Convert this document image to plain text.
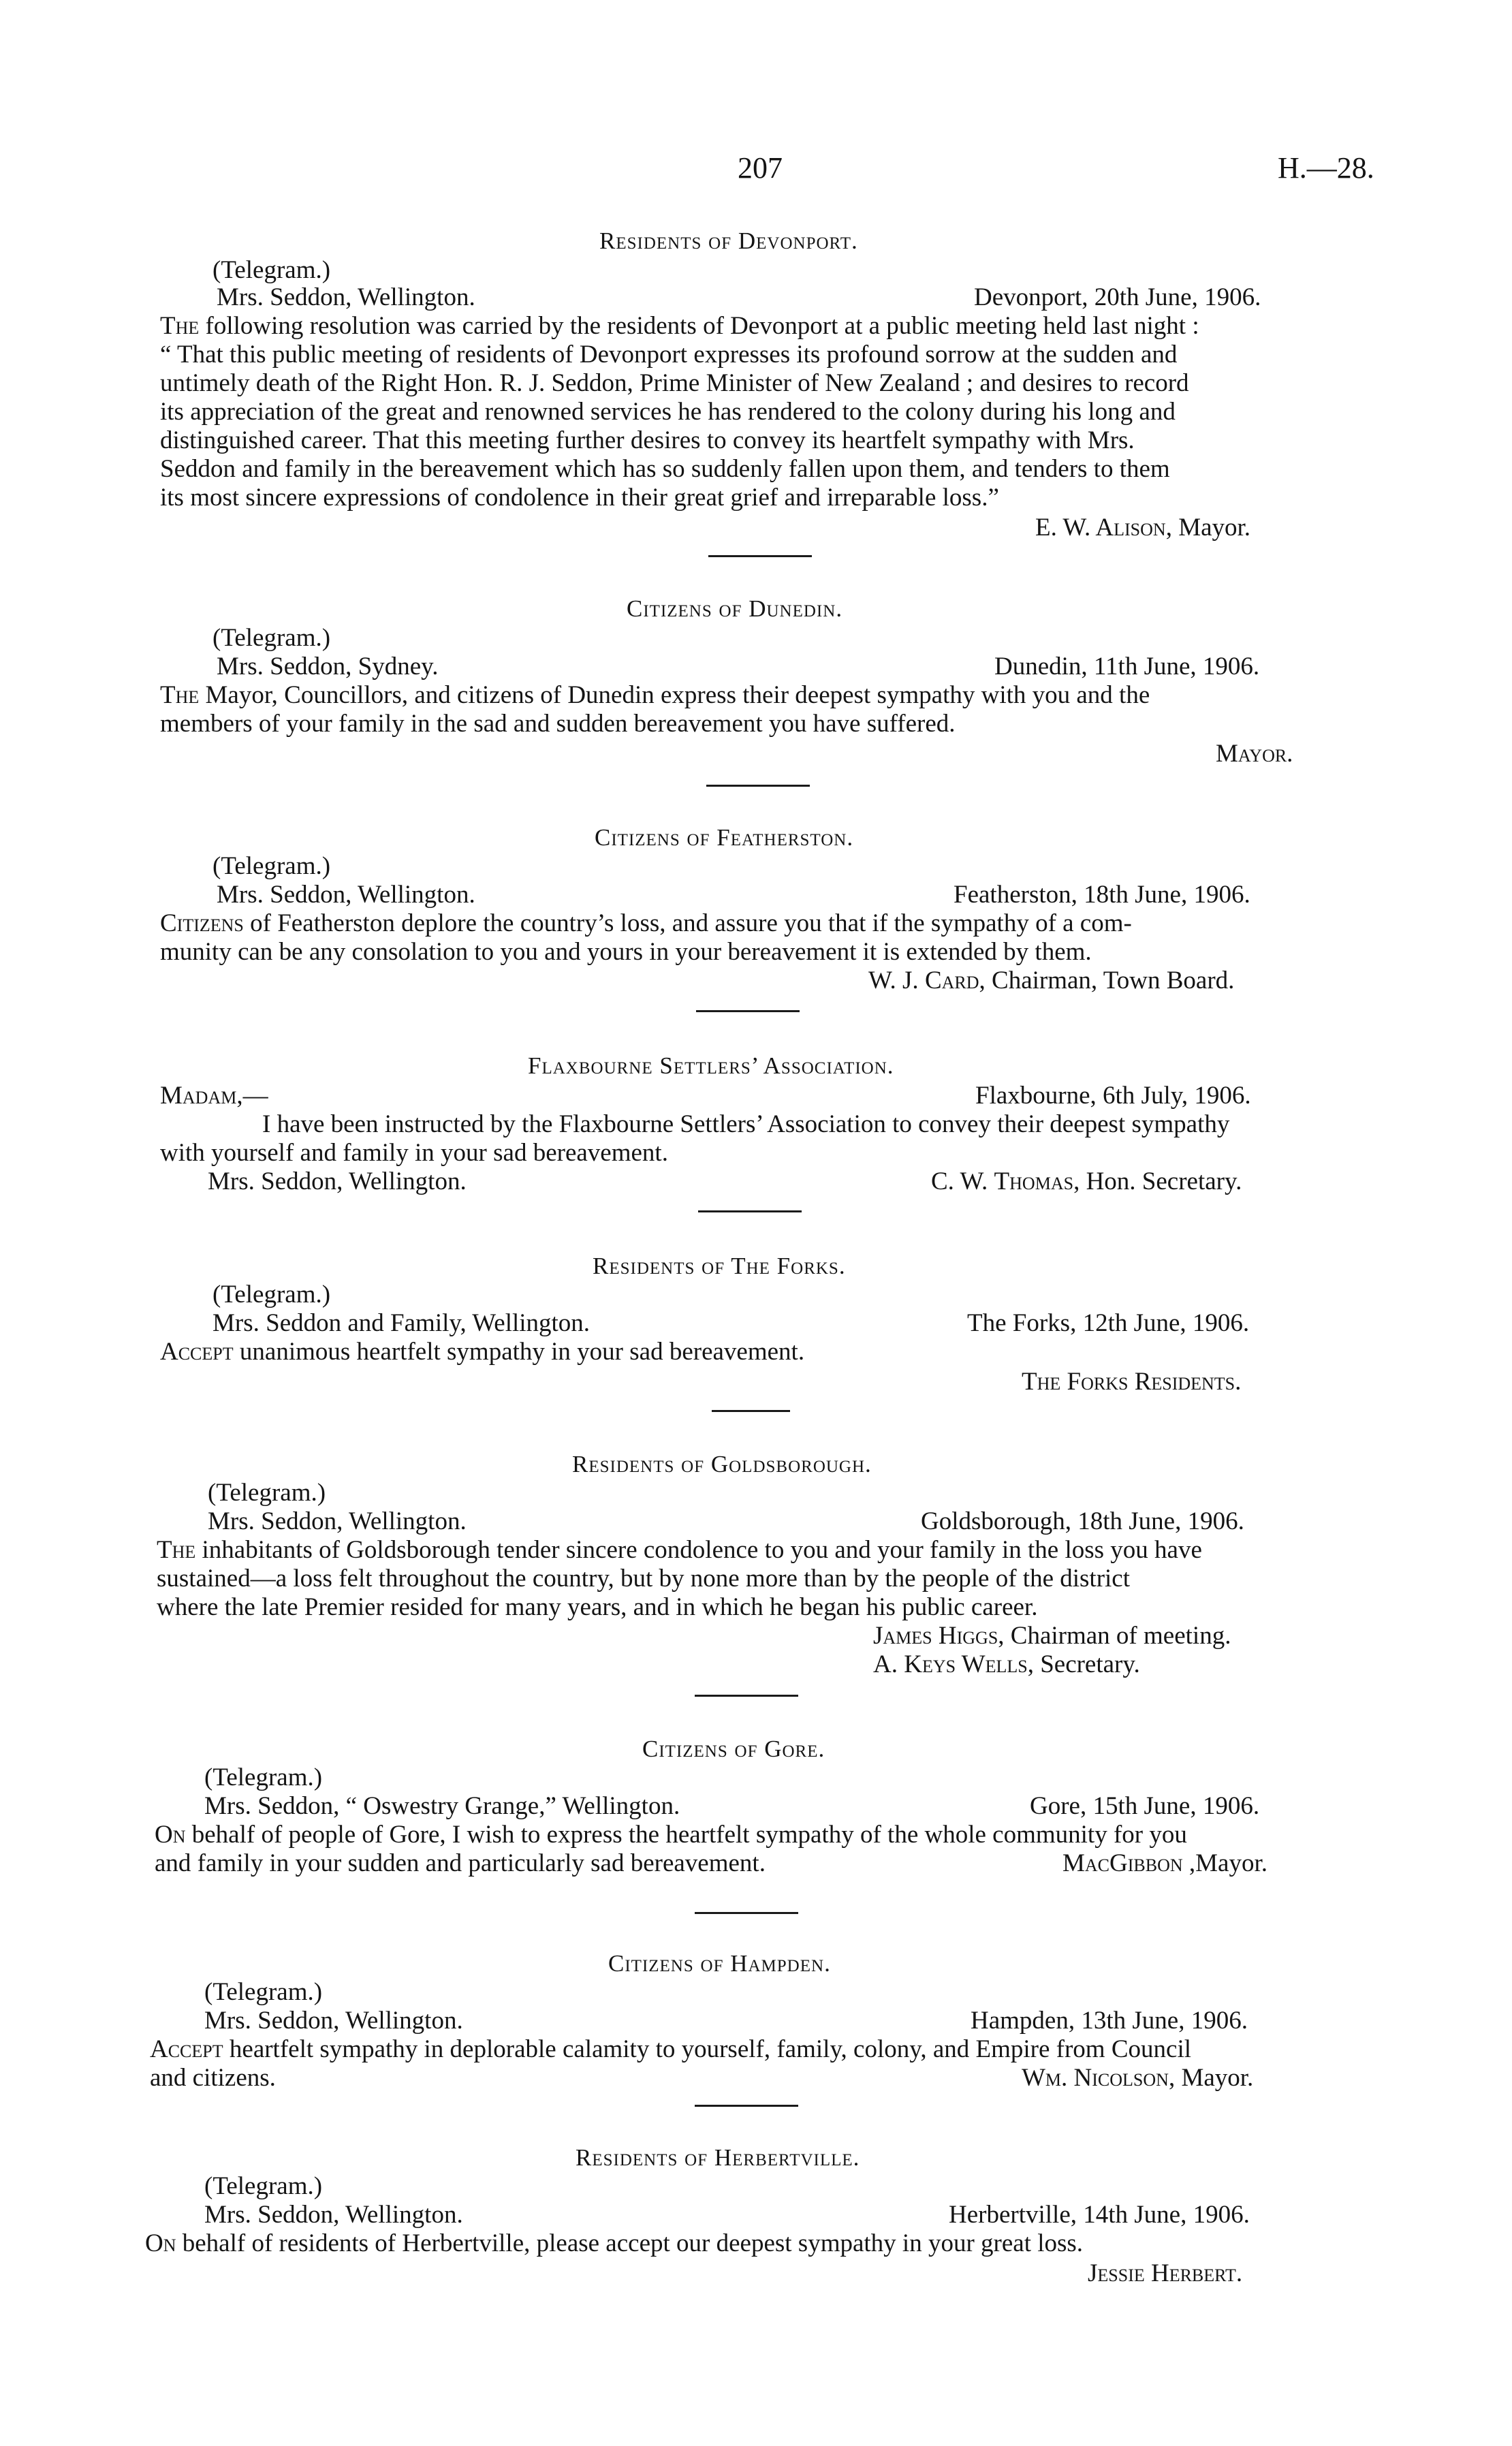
207	H.—28.
Residents of Devonport.
(Telegram.)
Mrs. Seddon, Wellington.	Devonport, 20th June, 1906.
The following resolution was carried by the residents of Devonport at a public meeting held last night :
“ That this public meeting of residents of Devonport expresses its profound sorrow at the sudden and
untimely death of the Right Hon. R. J. Seddon, Prime Minister of New Zealand ; and desires to record
its appreciation of the great and renowned services he has rendered to the colony during his long and
distinguished career. That this meeting further desires to convey its heartfelt sympathy with Mrs.
Seddon and family in the bereavement which has so suddenly fallen upon them, and tenders to them
its most sincere expressions of condolence in their great grief and irreparable loss.”
E. W. Alison, Mayor.
Citizens of Dunedin.
(Telegram.)
Mrs. Seddon, Sydney.	Dunedin, 11th June, 1906.
The Mayor, Councillors, and citizens of Dunedin express their deepest sympathy with you and the
members of your family in the sad and sudden bereavement you have suffered.
Mayor.
Citizens of Featherston.
(Telegram.)
Mrs. Seddon, Wellington.	Featherston, 18th June, 1906.
Citizens of Featherston deplore the country’s loss, and assure you that if the sympathy of a com-
munity can be any consolation to you and yours in your bereavement it is extended by them.
W. J. Card, Chairman, Town Board.
Flaxbourne Settlers’ Association.
Madam,—	Flaxbourne, 6th July, 1906.
I have been instructed by the Flaxbourne Settlers’ Association to convey their deepest sympathy
with yourself and family in your sad bereavement.
Mrs. Seddon, Wellington.	C. W. Thomas, Hon. Secretary.
Residents of The Forks.
(Telegram.)
Mrs. Seddon and Family, Wellington.	The Forks, 12th June, 1906.
Accept unanimous heartfelt sympathy in your sad bereavement.
The Forks Residents.
Residents of Goldsborough.
(Telegram.)
Mrs. Seddon, Wellington.	Goldsborough, 18th June, 1906.
The inhabitants of Goldsborough tender sincere condolence to you and your family in the loss you have
sustained—a loss felt throughout the country, but by none more than by the people of the district
where the late Premier resided for many years, and in which he began his public career.
James Higgs, Chairman of meeting.
A. Keys Wells, Secretary.
Citizens of Gore.
(Telegram.)
Mrs. Seddon, “ Oswestry Grange,” Wellington.	Gore, 15th June, 1906.
On behalf of people of Gore, I wish to express the heartfelt sympathy of the whole community for you
and family in your sudden and particularly sad bereavement.	MacGibbon ,Mayor.
Citizens of Hampden.
(Telegram.)
Mrs. Seddon, Wellington.	Hampden, 13th June, 1906.
Accept heartfelt sympathy in deplorable calamity to yourself, family, colony, and Empire from Council
and citizens.	Wm. Nicolson, Mayor.
Residents of Herbertville.
(Telegram.)
Mrs. Seddon, Wellington.	Herbertville, 14th June, 1906.
On behalf of residents of Herbertville, please accept our deepest sympathy in your great loss.
Jessie Herbert.
